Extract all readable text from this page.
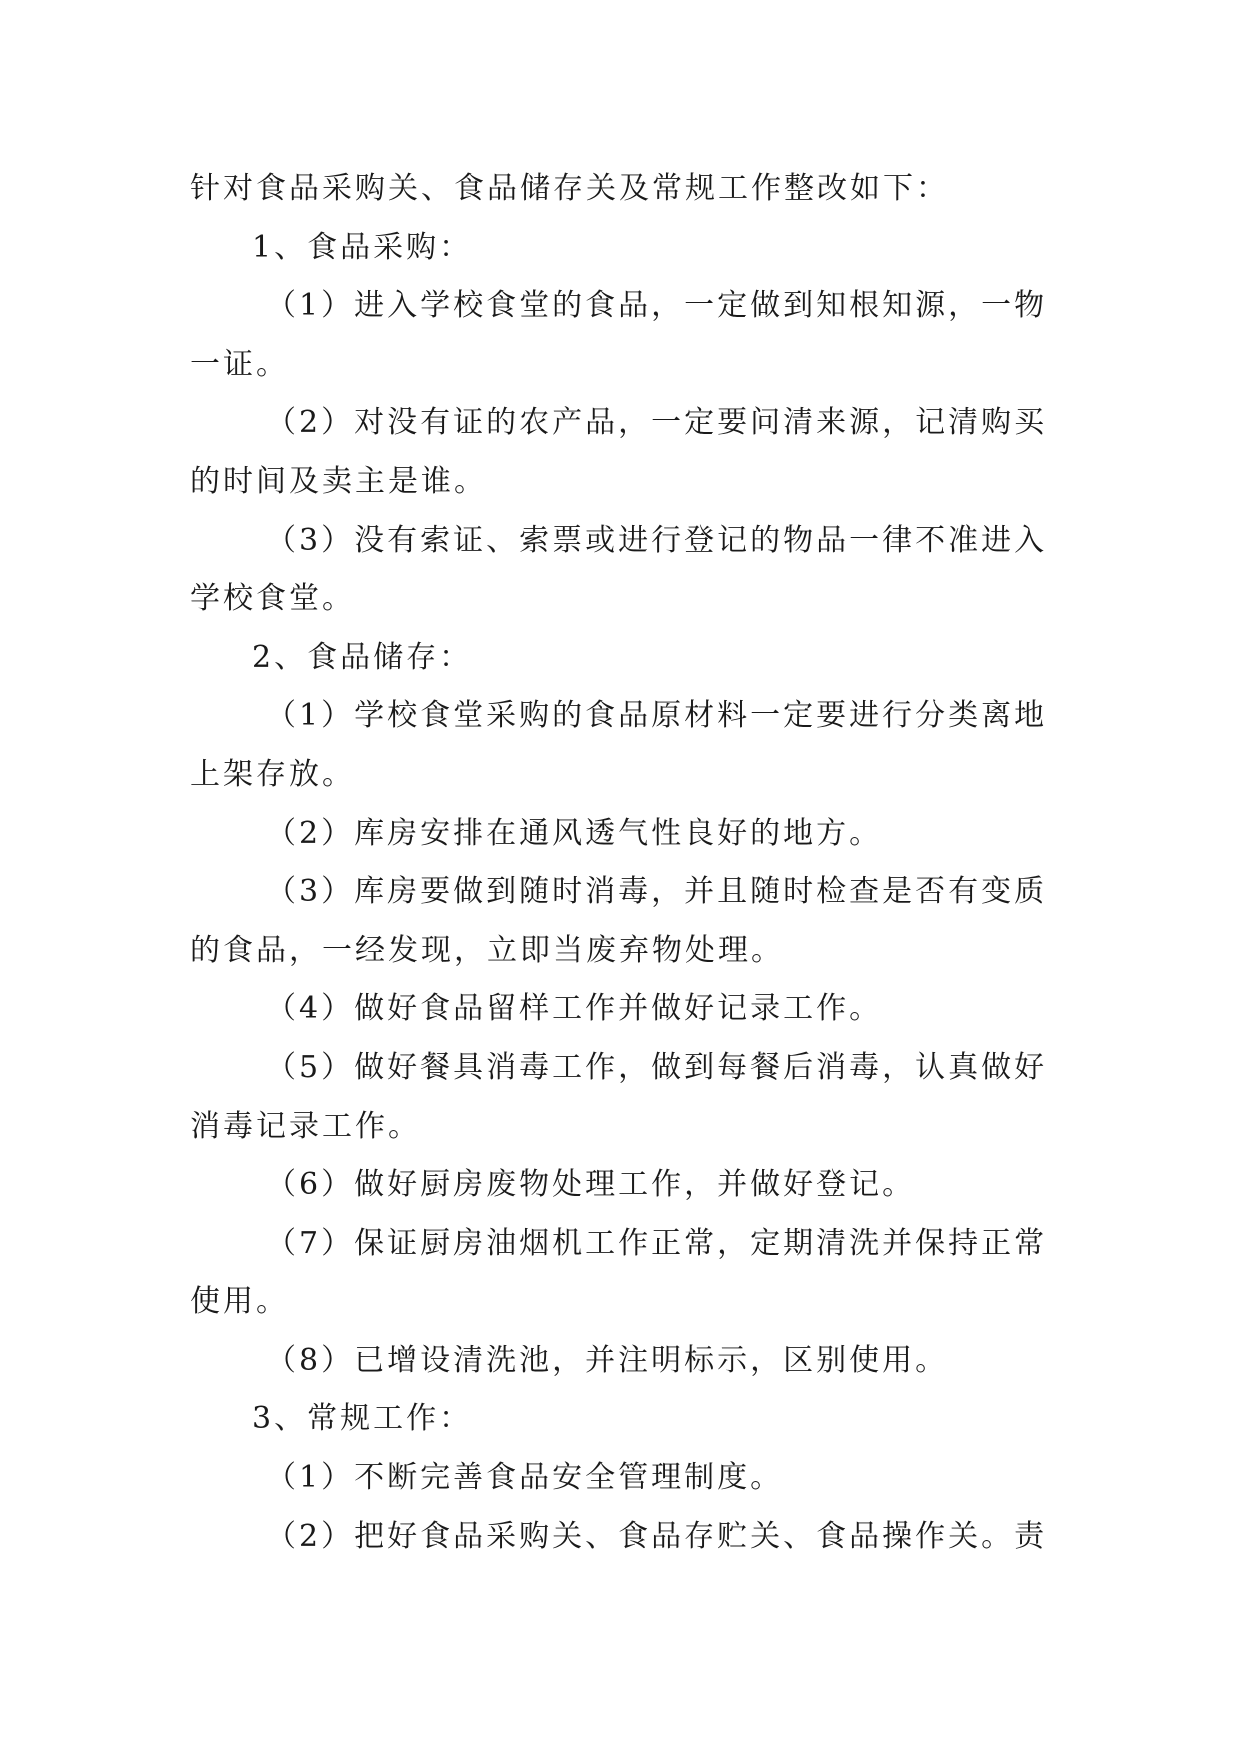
针对食品采购关、食品储存关及常规工作整改如下：
1、食品采购：
（1）进入学校食堂的食品，一定做到知根知源，一物
一证。
（2）对没有证的农产品，一定要问清来源，记清购买
的时间及卖主是谁。
（3）没有索证、索票或进行登记的物品一律不准进入
学校食堂。
2、食品储存：
（1）学校食堂采购的食品原材料一定要进行分类离地
上架存放。
（2）库房安排在通风透气性良好的地方。
（3）库房要做到随时消毒，并且随时检查是否有变质
的食品，一经发现，立即当废弃物处理。
（4）做好食品留样工作并做好记录工作。
（5）做好餐具消毒工作，做到每餐后消毒，认真做好
消毒记录工作。
（6）做好厨房废物处理工作，并做好登记。
（7）保证厨房油烟机工作正常，定期清洗并保持正常
使用。
（8）已增设清洗池，并注明标示，区别使用。
3、常规工作：
（1）不断完善食品安全管理制度。
（2）把好食品采购关、食品存贮关、食品操作关。责
